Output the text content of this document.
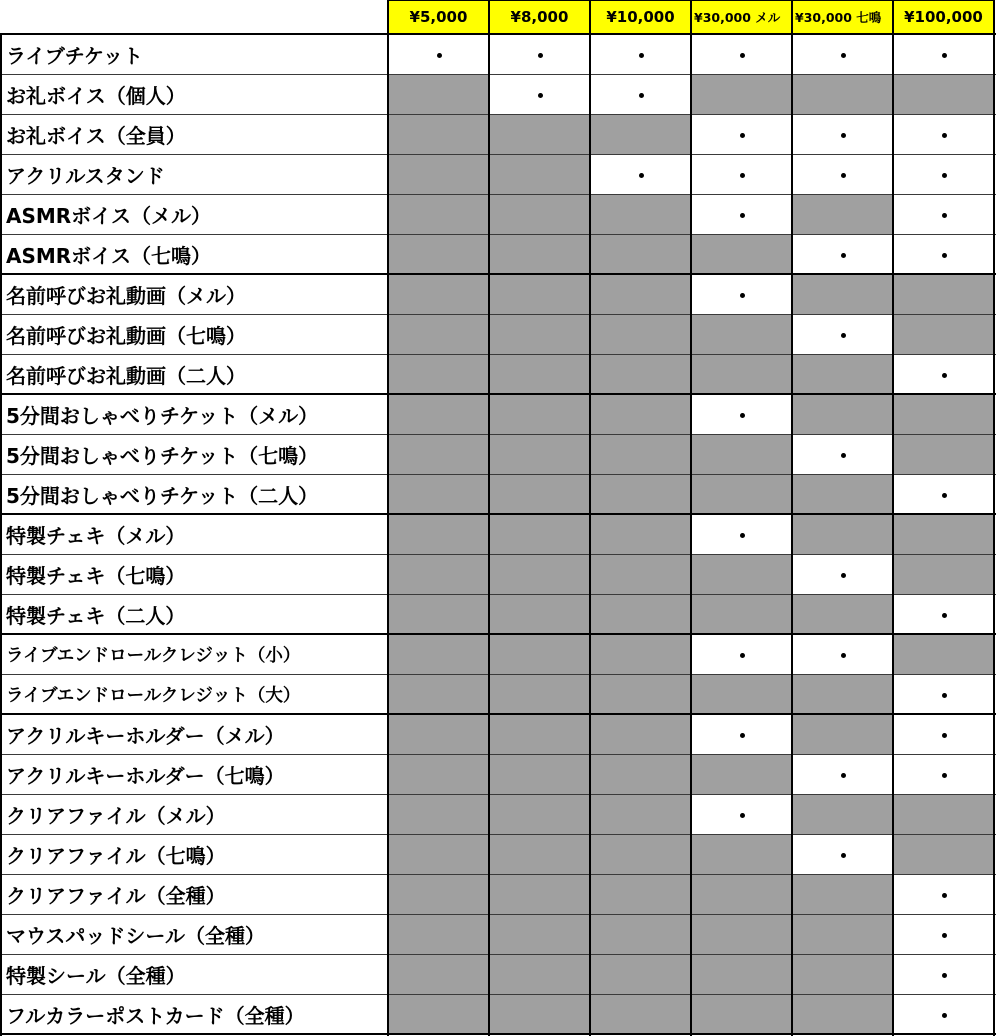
¥5,000	¥8,000	¥10,000 ¥30,000 メル ¥30,000 七鳴 ¥100,000
ライブチケット
お礼ボイス（個人）
お礼ボイス（全員）
アクリルスタンド
ASMRボイス（メル）
ASMRボイス（七鳴）
名前呼びお礼動画（メル）
名前呼びお礼動画（七鳴）
名前呼びお礼動画（二人）
5分間おしゃべりチケット（メル）
5分間おしゃべりチケット（七鳴）
5分間おしゃべりチケット（二人）
特製チェキ（メル）
特製チェキ（七鳴）
特製チェキ（二人）
ライブエンドロールクレジット（小）
ライブエンドロールクレジット（大）
アクリルキーホルダー（メル）
アクリルキーホルダー（七鳴）
クリアファイル（メル）
クリアファイル（七鳴）
クリアファイル（全種）
マウスパッドシール（全種）
特製シール（全種）
フルカラーポストカード（全種）
